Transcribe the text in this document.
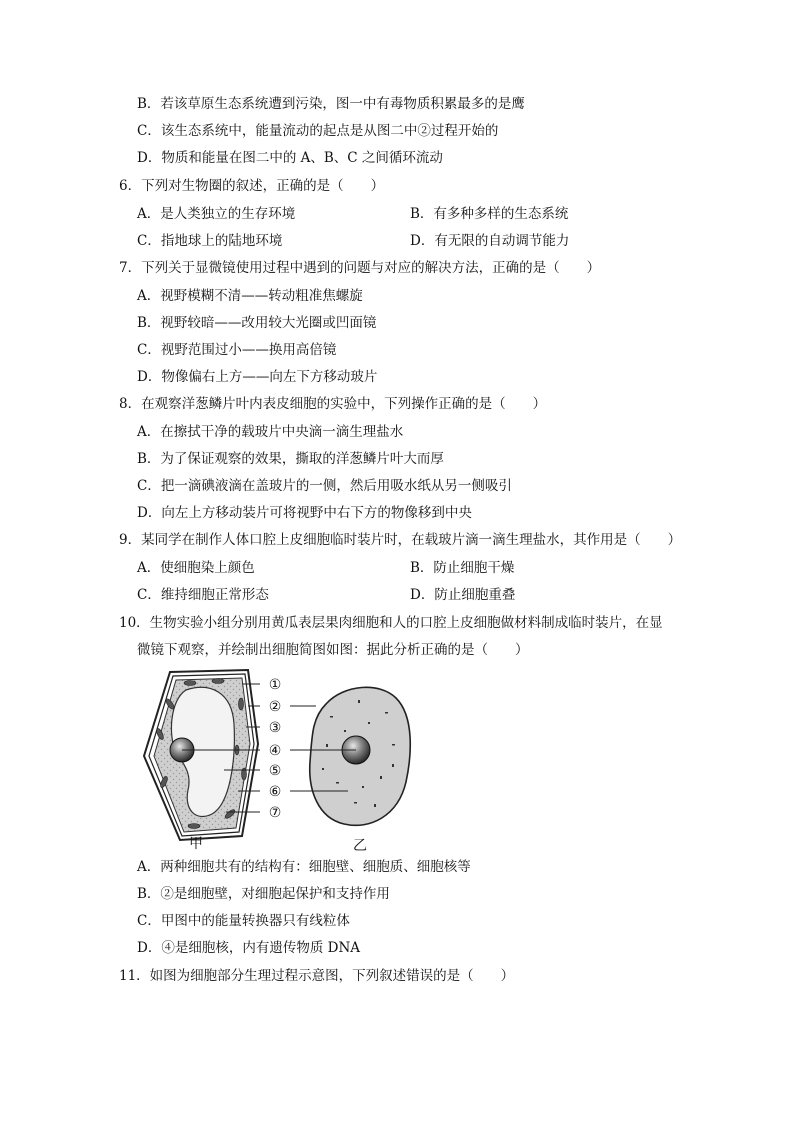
B．若该草原生态系统遭到污染，图一中有毒物质积累最多的是鹰
C．该生态系统中，能量流动的起点是从图二中②过程开始的
D．物质和能量在图二中的 A、B、C 之间循环流动
6．下列对生物圈的叙述，正确的是（　　）
A．是人类独立的生存环境	B．有多种多样的生态系统
C．指地球上的陆地环境	D．有无限的自动调节能力
7．下列关于显微镜使用过程中遇到的问题与对应的解决方法，正确的是（　　）
A．视野模糊不清——转动粗准焦螺旋
B．视野较暗——改用较大光圈或凹面镜
C．视野范围过小——换用高倍镜
D．物像偏右上方——向左下方移动玻片
8．在观察洋葱鳞片叶内表皮细胞的实验中，下列操作正确的是（　　）
A．在擦拭干净的载玻片中央滴一滴生理盐水
B．为了保证观察的效果，撕取的洋葱鳞片叶大而厚
C．把一滴碘液滴在盖玻片的一侧，然后用吸水纸从另一侧吸引
D．向左上方移动装片可将视野中右下方的物像移到中央
9．某同学在制作人体口腔上皮细胞临时装片时，在载玻片滴一滴生理盐水，其作用是（　　）
A．使细胞染上颜色	B．防止细胞干燥
C．维持细胞正常形态	D．防止细胞重叠
10．生物实验小组分别用黄瓜表层果肉细胞和人的口腔上皮细胞做材料制成临时装片，在显
微镜下观察，并绘制出细胞简图如图：据此分析正确的是（　　）
①
②
③
④
⑤
⑥
⑦
甲	乙
A．两种细胞共有的结构有：细胞壁、细胞质、细胞核等
B．②是细胞壁，对细胞起保护和支持作用
C．甲图中的能量转换器只有线粒体
D．④是细胞核，内有遗传物质 DNA
11．如图为细胞部分生理过程示意图，下列叙述错误的是（　　）
